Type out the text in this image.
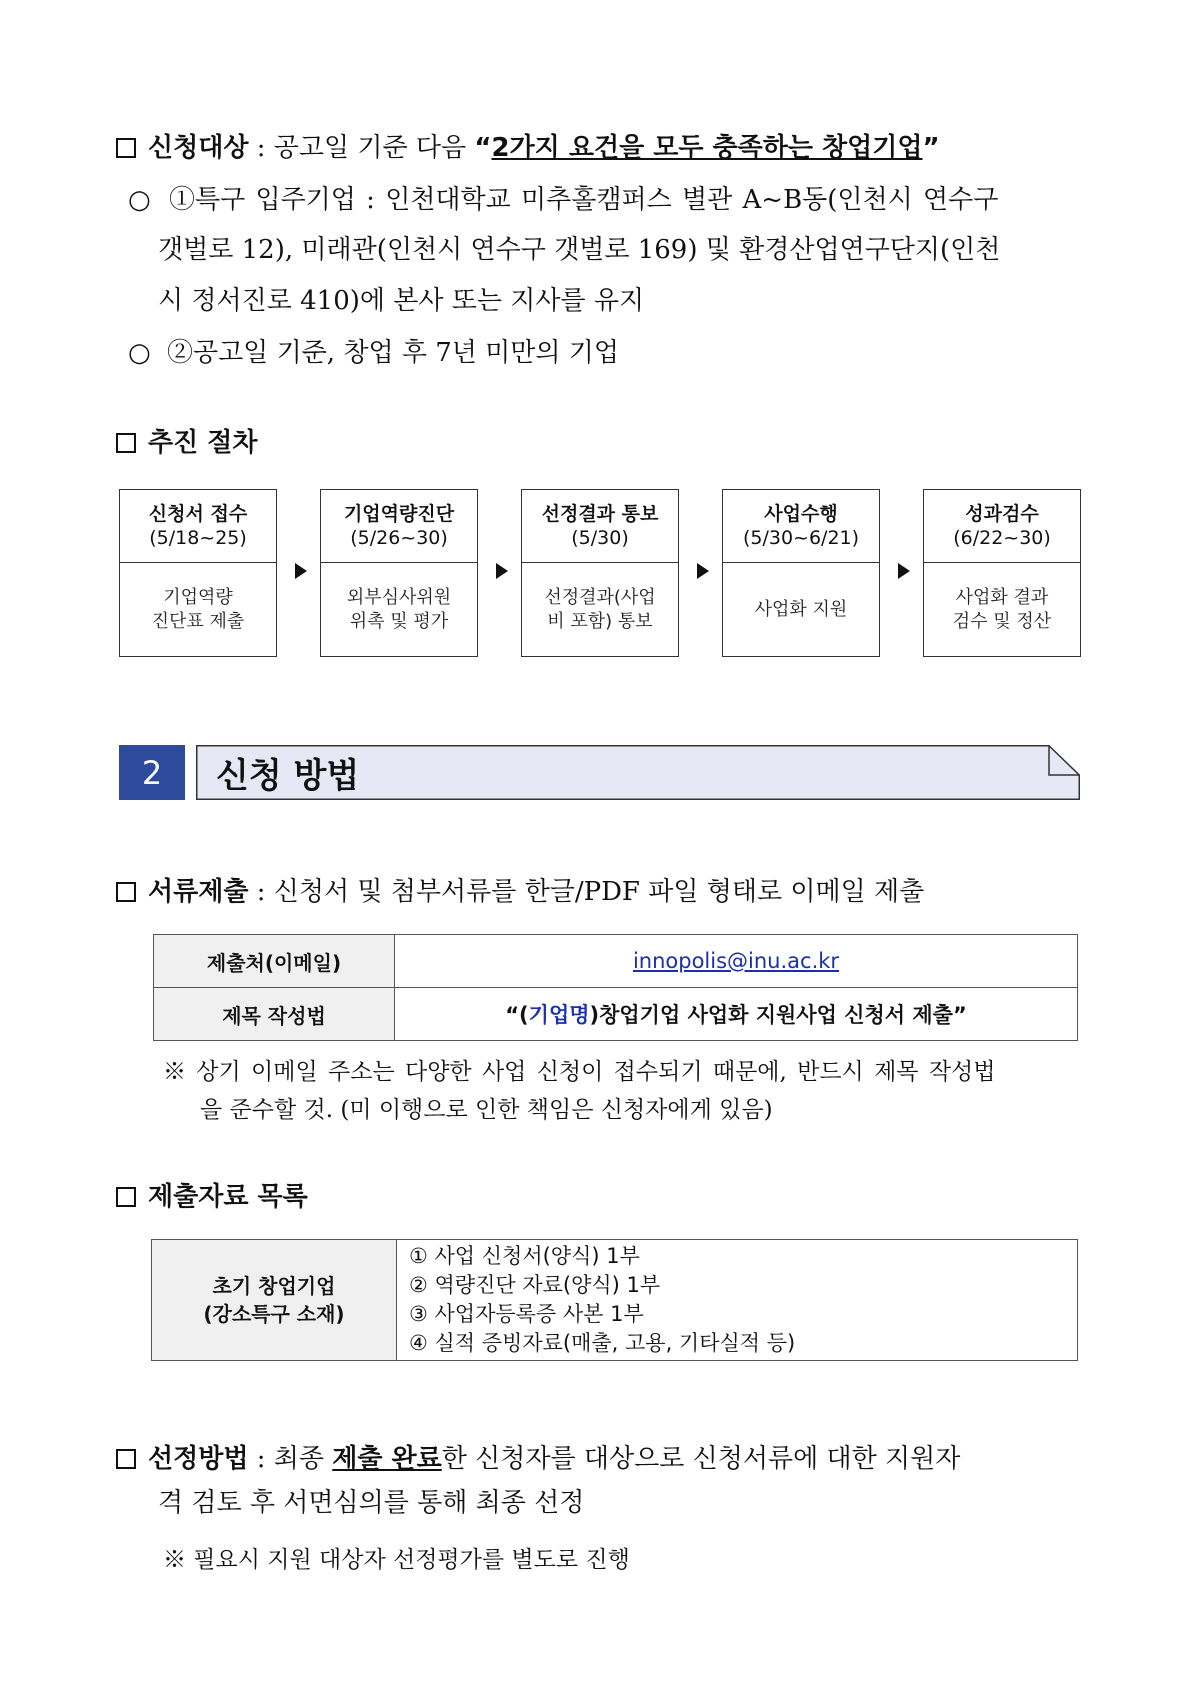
신청대상 : 공고일 기준 다음 “2가지 요건을 모두 충족하는 창업기업”
○ ①특구 입주기업 : 인천대학교 미추홀캠퍼스 별관 A~B동(인천시 연수구
갯벌로 12), 미래관(인천시 연수구 갯벌로 169) 및 환경산업연구단지(인천
시 정서진로 410)에 본사 또는 지사를 유지
○ ②공고일 기준, 창업 후 7년 미만의 기업
추진 절차
신청서 접수
(5/18~25)
기업역량
진단표 제출
기업역량진단
(5/26~30)
외부심사위원
위촉 및 평가
선정결과 통보
(5/30)
선정결과(사업
비 포함) 통보
사업수행
(5/30~6/21)
사업화 지원
성과검수
(6/22~30)
사업화 결과
검수 및 정산
2	신청 방법
서류제출 : 신청서 및 첨부서류를 한글/PDF 파일 형태로 이메일 제출
제출처(이메일)	innopolis@inu.ac.kr
제목 작성법	“(기업명)창업기업 사업화 지원사업 신청서 제출”
※ 상기 이메일 주소는 다양한 사업 신청이 접수되기 때문에, 반드시 제목 작성법
을 준수할 것. (미 이행으로 인한 책임은 신청자에게 있음)
제출자료 목록
초기 창업기업
(강소특구 소재)

① 사업 신청서(양식) 1부
② 역량진단 자료(양식) 1부
③ 사업자등록증 사본 1부
④ 실적 증빙자료(매출, 고용, 기타실적 등)
선정방법 : 최종 제출 완료한 신청자를 대상으로 신청서류에 대한 지원자
격 검토 후 서면심의를 통해 최종 선정
※ 필요시 지원 대상자 선정평가를 별도로 진행
